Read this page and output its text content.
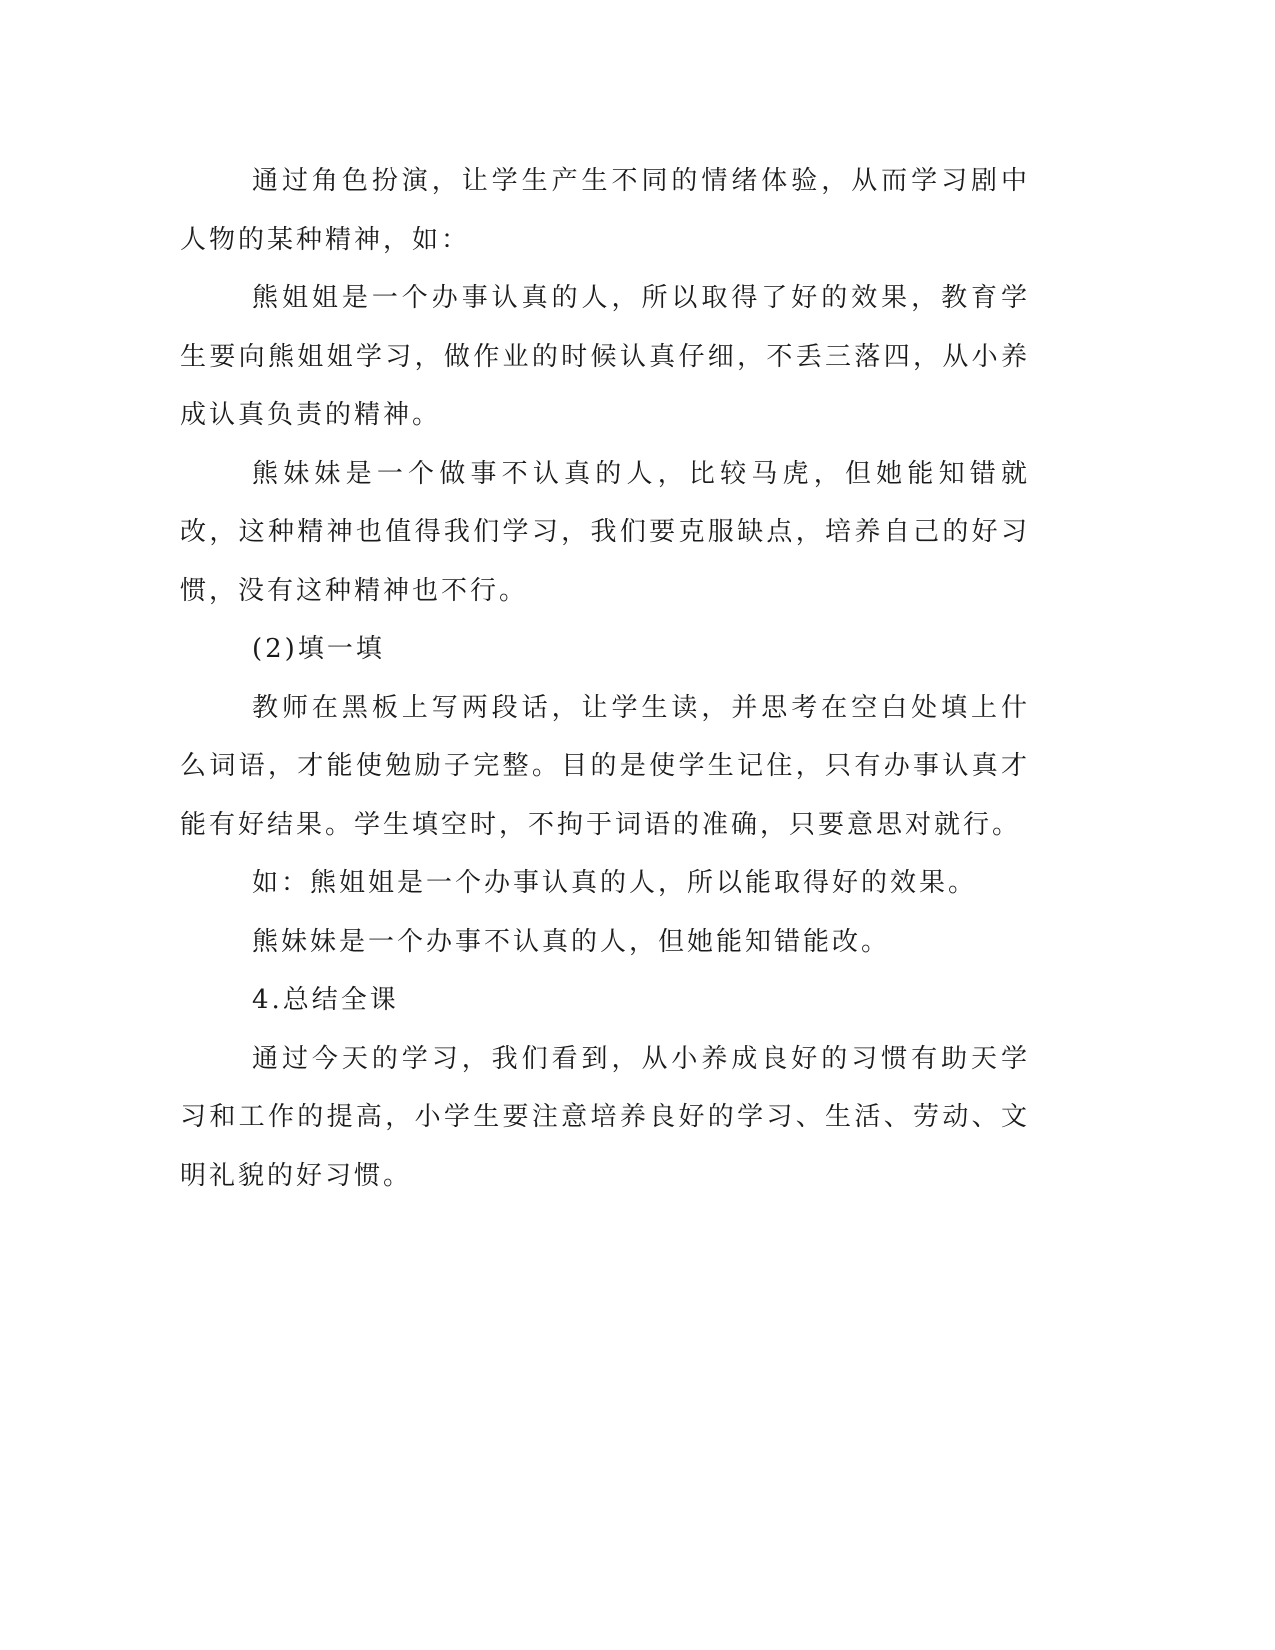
通过角色扮演，让学生产生不同的情绪体验，从而学习剧中人物的某种精神，如：

熊姐姐是一个办事认真的人，所以取得了好的效果，教育学生要向熊姐姐学习，做作业的时候认真仔细，不丢三落四，从小养成认真负责的精神。

熊妹妹是一个做事不认真的人，比较马虎，但她能知错就改，这种精神也值得我们学习，我们要克服缺点，培养自己的好习惯，没有这种精神也不行。

(2)填一填

教师在黑板上写两段话，让学生读，并思考在空白处填上什么词语，才能使勉励子完整。目的是使学生记住，只有办事认真才能有好结果。学生填空时，不拘于词语的准确，只要意思对就行。

如：熊姐姐是一个办事认真的人，所以能取得好的效果。

熊妹妹是一个办事不认真的人，但她能知错能改。

4.总结全课

通过今天的学习，我们看到，从小养成良好的习惯有助天学习和工作的提高，小学生要注意培养良好的学习、生活、劳动、文明礼貌的好习惯。
